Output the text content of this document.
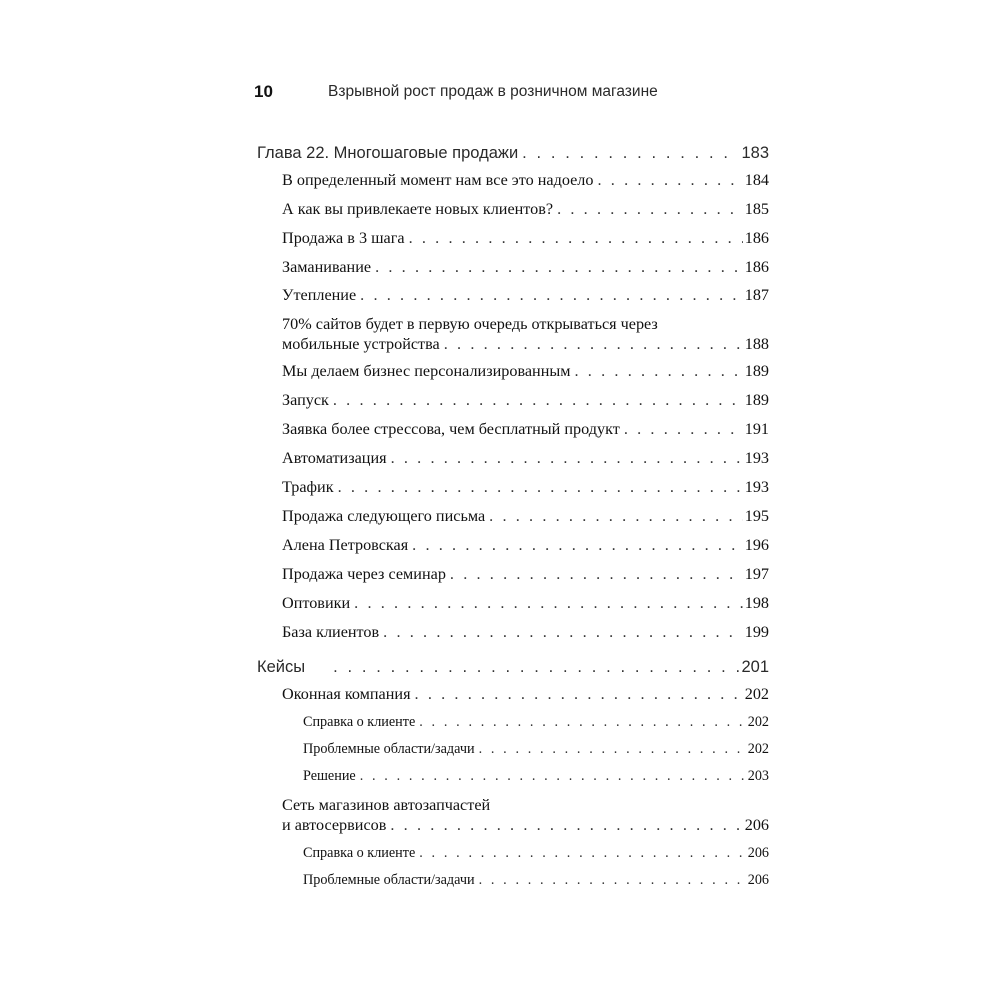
10	Взрывной рост продаж в розничном магазине
Глава 22. Многошаговые продажи . . .	183
В определенный момент нам все это надоело . . .	184
А как вы привлекаете новых клиентов? . . .	185
Продажа в 3 шага . . .	186
Заманивание . . .	186
Утепление . . .	187
70% сайтов будет в первую очередь открываться через
мобильные устройства . . .	188
Мы делаем бизнес персонализированным . . .	189
Запуск . . .	189
Заявка более стрессова, чем бесплатный продукт . . .	191
Автоматизация . . .	193
Трафик . . .	193
Продажа следующего письма . . .	195
Алена Петровская . . .	196
Продажа через семинар . . .	197
Оптовики . . .	198
База клиентов . . .	199
Кейсы . . .	201
Оконная компания . . .	202
Справка о клиенте . . .	202
Проблемные области/задачи . . .	202
Решение . . .	203
Сеть магазинов автозапчастей
и автосервисов . . .	206
Справка о клиенте . . .	206
Проблемные области/задачи . . .	206
